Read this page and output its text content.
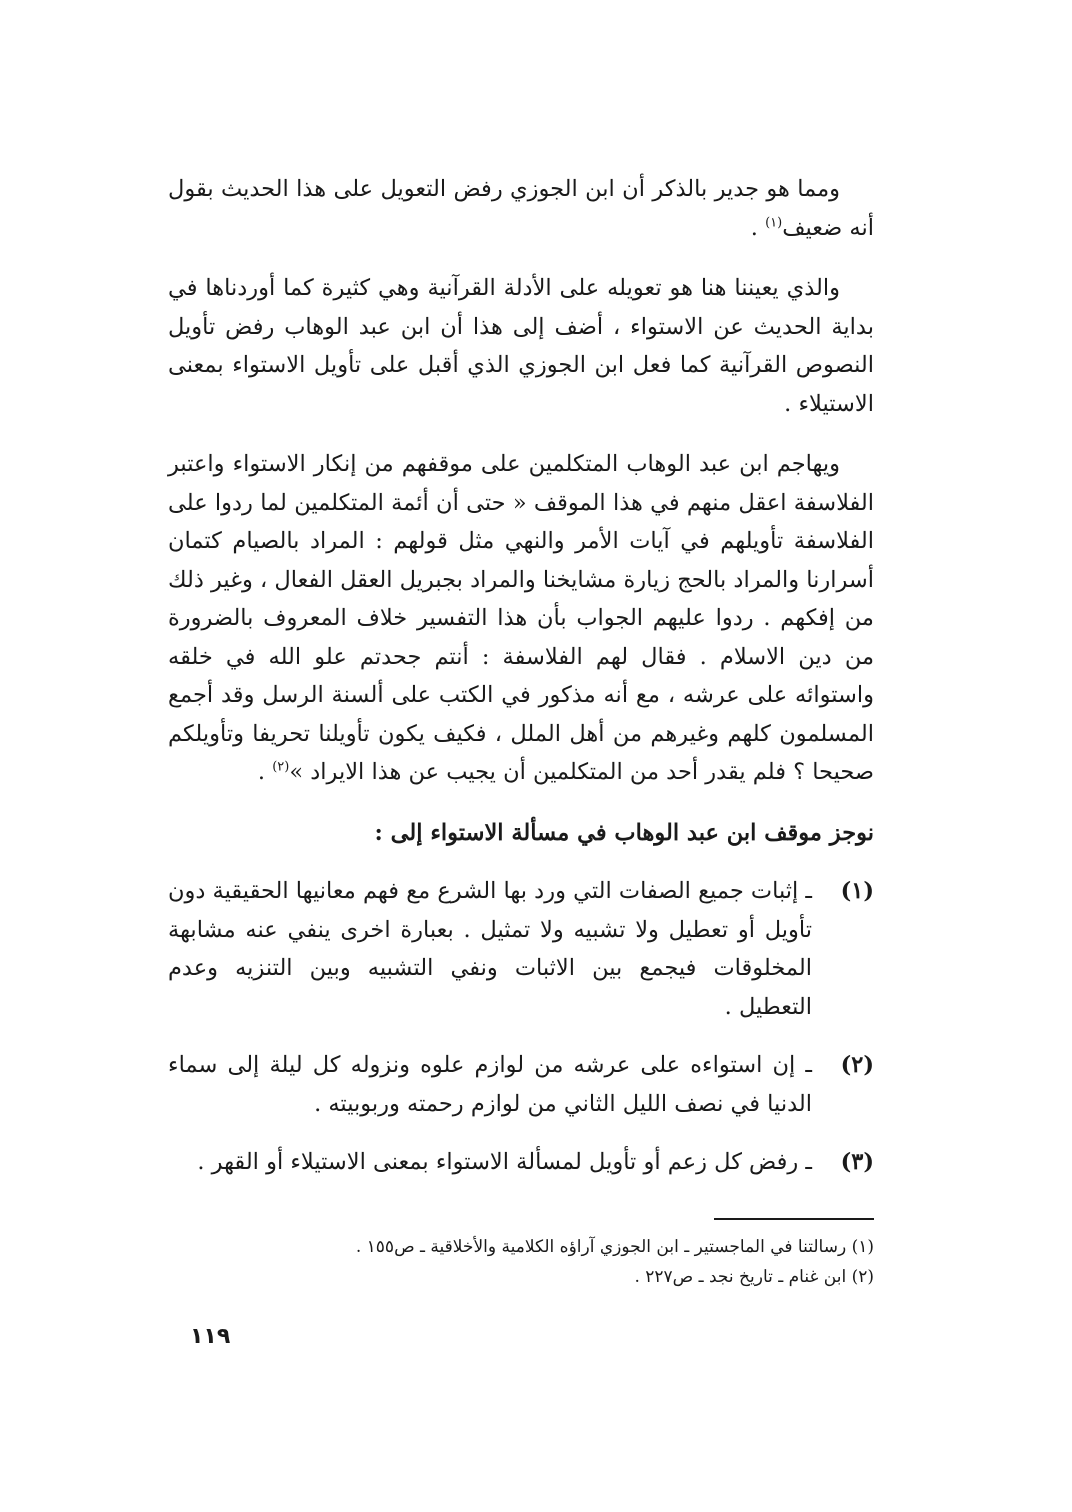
ومما هو جدير بالذكر أن ابن الجوزي رفض التعويل على هذا الحديث بقول أنه ضعيف$^{(١)}$ .

والذي يعيننا هنا هو تعويله على الأدلة القرآنية وهي كثيرة كما أوردناها في بداية الحديث عن الاستواء ، أضف إلى هذا أن ابن عبد الوهاب رفض تأويل النصوص القرآنية كما فعل ابن الجوزي الذي أقبل على تأويل الاستواء بمعنى الاستيلاء .

ويهاجم ابن عبد الوهاب المتكلمين على موقفهم من إنكار الاستواء واعتبر الفلاسفة اعقل منهم في هذا الموقف « حتى أن أئمة المتكلمين لما ردوا على الفلاسفة تأويلهم في آيات الأمر والنهي مثل قولهم : المراد بالصيام كتمان أسرارنا والمراد بالحج زيارة مشايخنا والمراد بجبريل العقل الفعال ، وغير ذلك من إفكهم . ردوا عليهم الجواب بأن هذا التفسير خلاف المعروف بالضرورة من دين الاسلام . فقال لهم الفلاسفة : أنتم جحدتم علو الله في خلقه واستوائه على عرشه ، مع أنه مذكور في الكتب على ألسنة الرسل وقد أجمع المسلمون كلهم وغيرهم من أهل الملل ، فكيف يكون تأويلنا تحريفا وتأويلكم صحيحا ؟ فلم يقدر أحد من المتكلمين أن يجيب عن هذا الايراد »$^{(٢)}$ .

نوجز موقف ابن عبد الوهاب في مسألة الاستواء إلى :

(١)
ـ إثبات جميع الصفات التي ورد بها الشرع مع فهم معانيها الحقيقية دون تأويل أو تعطيل ولا تشبيه ولا تمثيل . بعبارة اخرى ينفي عنه مشابهة المخلوقات فيجمع بين الاثبات ونفي التشبيه وبين التنزيه وعدم التعطيل .
(٢)
ـ إن استواءه على عرشه من لوازم علوه ونزوله كل ليلة إلى سماء الدنيا في نصف الليل الثاني من لوازم رحمته وربوبيته .
(٣)
ـ رفض كل زعم أو تأويل لمسألة الاستواء بمعنى الاستيلاء أو القهر .
(١) رسالتنا في الماجستير ـ ابن الجوزي آراؤه الكلامية والأخلاقية ـ ص١٥٥ .
(٢) ابن غنام ـ تاريخ نجد ـ ص٢٢٧ .
١١٩
